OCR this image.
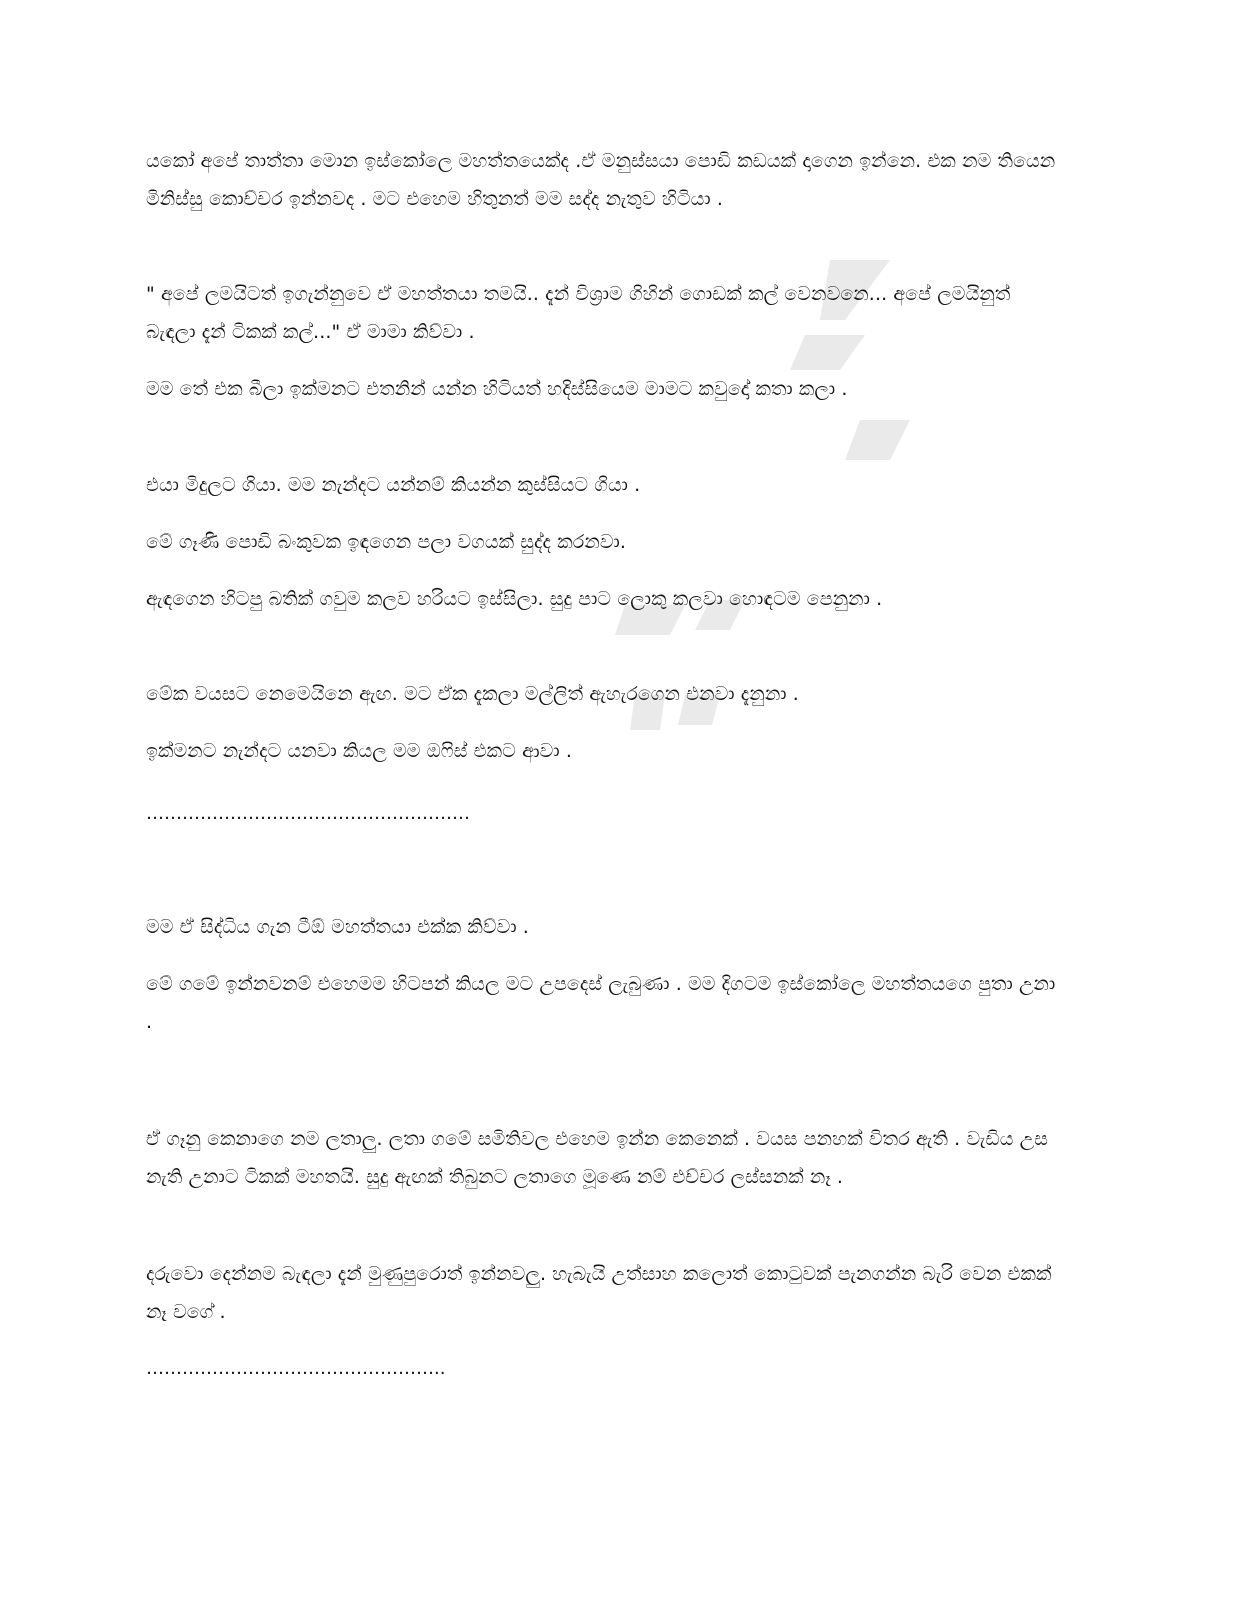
යකෝ අපේ තාත්තා මොන ඉස්කෝලෙ මහත්තයෙක්ද .ඒ මනුස්සයා පොඩි කඩයක් දාගෙන ඉන්නෙ. එක නම තියෙන මිනිස්සු කොච්චර ඉන්නවද . මට එහෙම හිතුනත් මම සද්ද නැතුව හිටියා .
" අපේ ලමයිටත් ඉගැන්නුවෙ ඒ මහත්තයා තමයි.. දැන් විශ්‍රාම ගිහින් ගොඩක් කල් වෙනවනෙ... අපේ ලමයිනුත් බැඳලා දැන් ටිකක් කල්..." ඒ මාමා කිව්වා .
මම තේ එක බීලා ඉක්මනට එතනින් යන්න හිටියත් හදිස්සියෙම මාමට කවුදෝ කතා කලා .
එයා මිදුලට ගියා. මම නැන්දට යන්නම් කියන්න කුස්සියට ගියා .
මේ ගෑණි පොඩි බංකුවක ඉඳගෙන පලා වගයක් සුද්ද කරනවා.
ඇඳගෙන හිටපු බතික් ගවුම කලව හරියට ඉස්සිලා. සුදු පාට ලොකු කලවා හොඳටම පෙනුනා .
මේක වයසට නෙමෙයිනෙ ඇඟ. මට ඒක දැකලා මල්ලිත් ඇහැරගෙන එනවා දැනුනා .
ඉක්මනට නැන්දට යනවා කියල මම ඔෆිස් එකට ආවා .
………………………………………………
මම ඒ සිද්ධිය ගැන ටීඕ මහත්තයා එක්ක කිව්වා .
මේ ගමේ ඉන්නවනම් එහෙමම හිටපන් කියල මට උපදෙස් ලැබුණා . මම දිගටම ඉස්කෝලෙ මහත්තයගෙ පුතා උනා .
ඒ ගෑනු කෙනාගෙ නම ලතාලු. ලතා ගමේ සමිතිවල එහෙම ඉන්න කෙනෙක් . වයස පනහක් විතර ඇති . වැඩිය උස නැති උනාට ටිකක් මහතයි. සුදු ඇඟක් තිබුනට ලතාගෙ මූණෙ නම් එච්චර ලස්සනක් නෑ .
දරුවො දෙන්නම බැඳලා දැන් මුණුපුරොත් ඉන්නවලු. හැබැයි උත්සාහ කලොත් කොටුවක් පැනගන්න බැරි වෙන එකක් නෑ වගේ .
…………………………………………..
